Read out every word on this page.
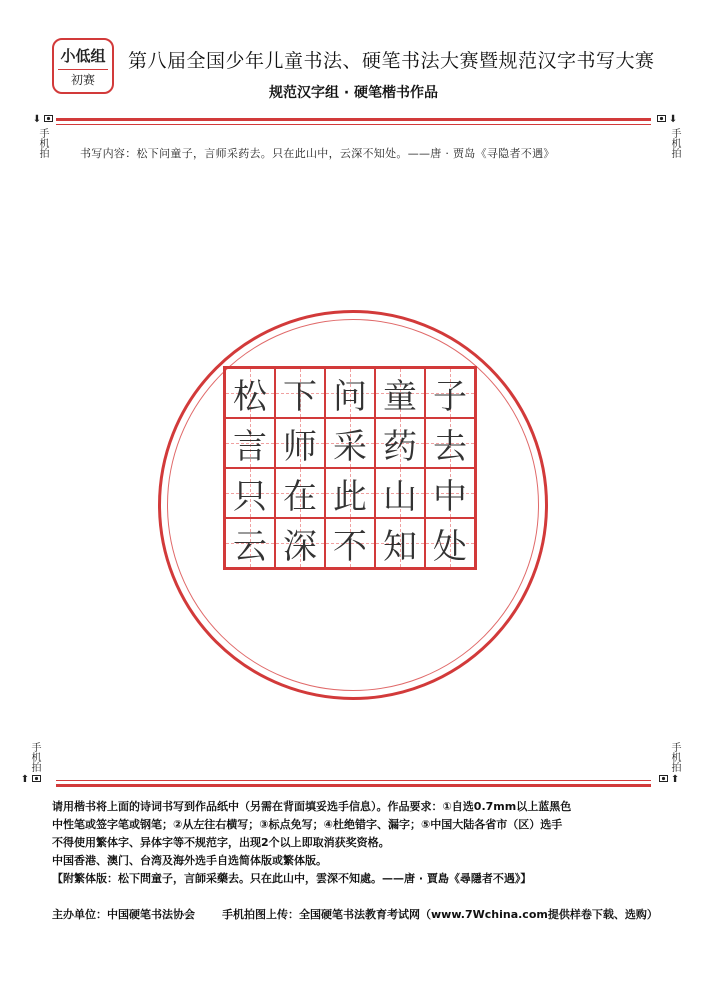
小低组
初赛
第八届全国少年儿童书法、硬笔书法大赛暨规范汉字书写大赛
规范汉字组 · 硬笔楷书作品
⬇
手机拍
⬇
手机拍
书写内容：松下问童子，言师采药去。只在此山中，云深不知处。——唐 · 贾岛《寻隐者不遇》
松 下 问 童 子
言 师 采 药 去
只 在 此 山 中
云 深 不 知 处
手机拍
⬆
手机拍
⬆
请用楷书将上面的诗词书写到作品纸中（另需在背面填妥选手信息）。作品要求：①自选0.7mm以上蓝黑色
中性笔或签字笔或钢笔；②从左往右横写；③标点免写；④杜绝错字、漏字；⑤中国大陆各省市（区）选手
不得使用繁体字、异体字等不规范字，出现2个以上即取消获奖资格。
中国香港、澳门、台湾及海外选手自选简体版或繁体版。
【附繁体版：松下問童子，言師采藥去。只在此山中，雲深不知處。——唐 · 賈島《尋隱者不遇》】
主办单位：中国硬笔书法协会 手机拍图上传：全国硬笔书法教育考试网（www.7Wchina.com提供样卷下载、选购）
